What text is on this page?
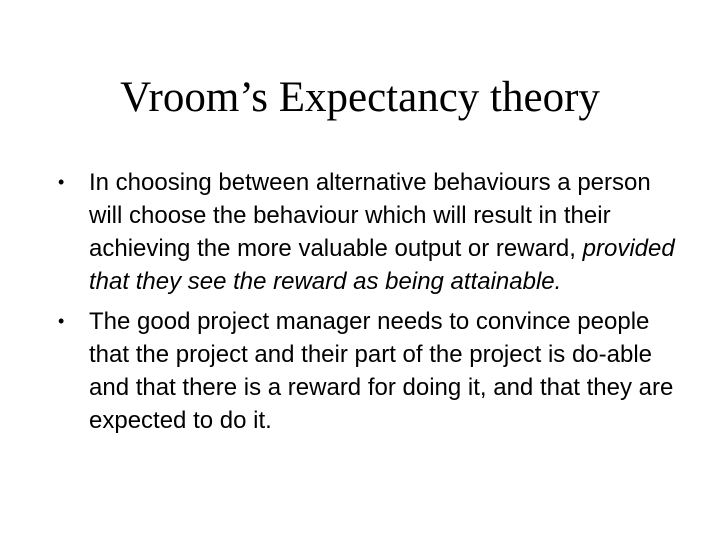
Vroom’s Expectancy theory
• In choosing between alternative behaviours a person will choose the behaviour which will result in their achieving the more valuable output or reward, provided that they see the reward as being attainable.
• The good project manager needs to convince people that the project and their part of the project is do-able and that there is a reward for doing it, and that they are expected to do it.
